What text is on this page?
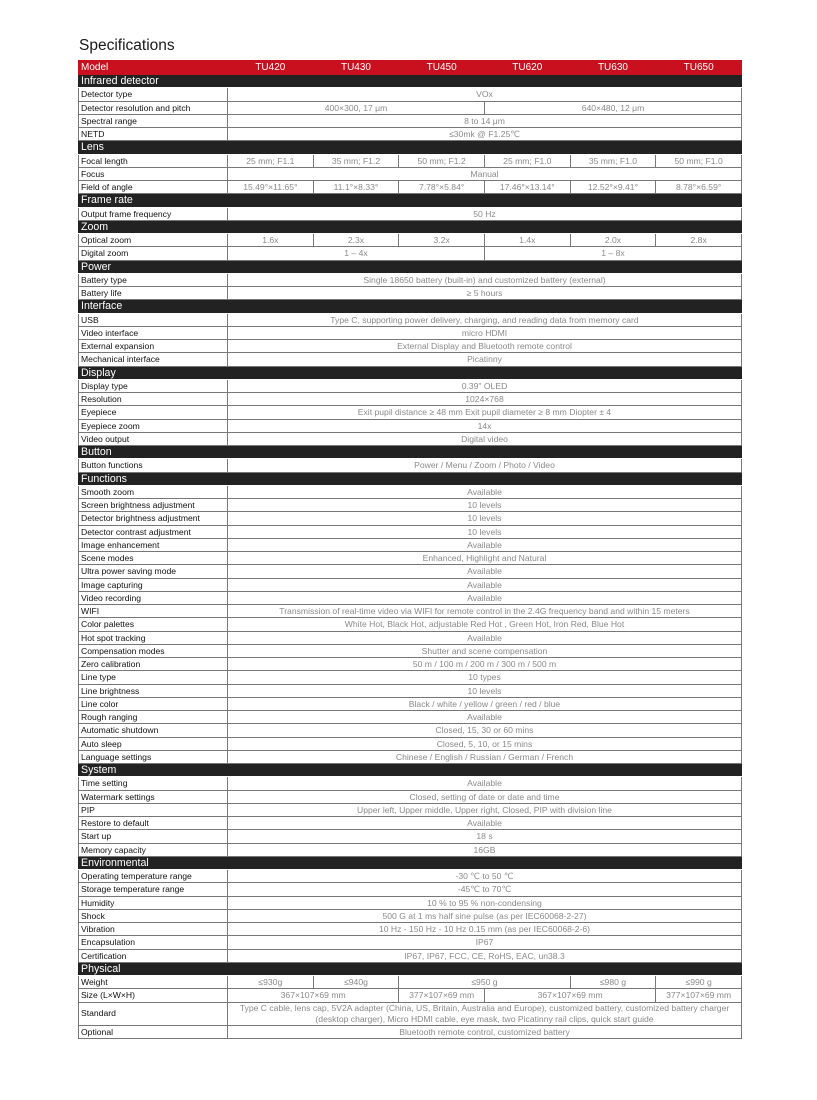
Specifications
Model	TU420	TU430	TU450	TU620	TU630	TU650
Infrared detector						
Detector type	VOx					
Detector resolution and pitch	400×300, 17 μm			640×480, 12 μm		
Spectral range	8 to 14 μm					
NETD	≤30mk @ F1.25℃					
Lens						
Focal length	25 mm; F1.1	35 mm; F1.2	50 mm; F1.2	25 mm; F1.0	35 mm; F1.0	50 mm; F1.0
Focus	Manual					
Field of angle	15.49°×11.65°	11.1°×8.33°	7.78°×5.84°	17.46°×13.14°	12.52°×9.41°	8.78°×6.59°
Frame rate						
Output frame frequency	50 Hz					
Zoom						
Optical zoom	1.6x	2.3x	3.2x	1.4x	2.0x	2.8x
Digital zoom	1 – 4x			1 – 8x		
Power						
Battery type	Single 18650 battery (built-in) and customized battery (external)					
Battery life	≥ 5 hours					
Interface						
USB	Type C, supporting power delivery, charging, and reading data from memory card					
Video interface	micro HDMI					
External expansion	External Display and Bluetooth remote control					
Mechanical interface	Picatinny					
Display						
Display type	0.39" OLED					
Resolution	1024×768					
Eyepiece	Exit pupil distance ≥ 48 mm Exit pupil diameter ≥ 8 mm Diopter ± 4					
Eyepiece zoom	14x					
Video output	Digital video					
Button						
Button functions	Power / Menu / Zoom / Photo / Video					
Functions						
Smooth zoom	Available					
Screen brightness adjustment	10 levels					
Detector brightness adjustment	10 levels					
Detector contrast adjustment	10 levels					
Image enhancement	Available					
Scene modes	Enhanced, Highlight and Natural					
Ultra power saving mode	Available					
Image capturing	Available					
Video recording	Available					
WIFI	Transmission of real-time video via WIFI for remote control in the 2.4G frequency band and within 15 meters					
Color palettes	White Hot, Black Hot, adjustable Red Hot , Green Hot, Iron Red, Blue Hot					
Hot spot tracking	Available					
Compensation modes	Shutter and scene compensation					
Zero calibration	50 m / 100 m / 200 m / 300 m / 500 m					
Line type	10 types					
Line brightness	10 levels					
Line color	Black / white / yellow / green / red / blue					
Rough ranging	Available					
Automatic shutdown	Closed, 15, 30 or 60 mins					
Auto sleep	Closed, 5, 10, or 15 mins					
Language settings	Chinese / English / Russian / German / French					
System						
Time setting	Available					
Watermark settings	Closed, setting of date or date and time					
PIP	Upper left, Upper middle, Upper right, Closed, PIP with division line					
Restore to default	Available					
Start up	18 s					
Memory capacity	16GB					
Environmental						
Operating temperature range	-30 ℃ to 50 ℃					
Storage temperature range	-45℃ to 70℃					
Humidity	10 % to 95 % non-condensing					
Shock	500 G at 1 ms half sine pulse (as per IEC60068-2-27)					
Vibration	10 Hz - 150 Hz - 10 Hz 0.15 mm (as per IEC60068-2-6)					
Encapsulation	IP67					
Certification	IP67, IP67, FCC, CE, RoHS, EAC, un38.3					
Physical						
Weight	≤930g	≤940g	≤950 g		≤980 g	≤990 g
Size (L×W×H)	367×107×69 mm		377×107×69 mm	367×107×69 mm		377×107×69 mm
Standard	Type C cable, lens cap, 5V2A adapter (China, US, Britain, Australia and Europe), customized battery, customized battery charger (desktop charger), Micro HDMI cable, eye mask, two Picatinny rail clips, quick start guide					
Optional	Bluetooth remote control, customized battery					
